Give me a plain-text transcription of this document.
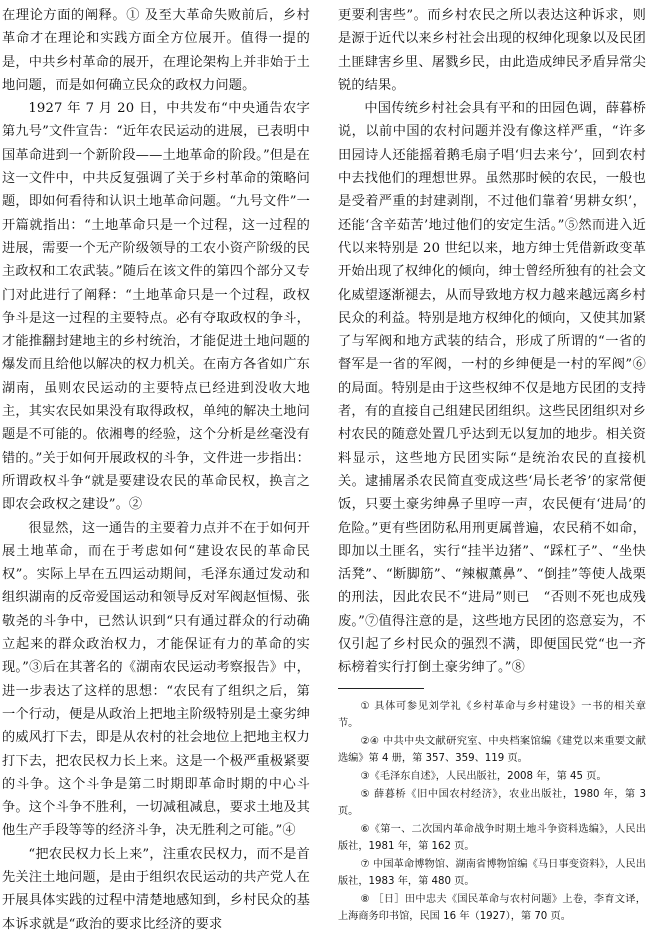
在理论方面的阐释。① 及至大革命失败前后，乡村革命才在理论和实践方面全方位展开。值得一提的是，中共乡村革命的展开，在理论架构上并非始于土地问题，而是如何确立民众的政权力问题。

1927 年 7 月 20 日，中共发布“中央通告农字第九号”文件宣告：“近年农民运动的进展，已表明中国革命进到一个新阶段——土地革命的阶段。”但是在这一文件中，中共反复强调了关于乡村革命的策略问题，即如何看待和认识土地革命问题。“九号文件”一开篇就指出：“土地革命只是一个过程，这一过程的进展，需要一个无产阶级领导的工农小资产阶级的民主政权和工农武装。”随后在该文件的第四个部分又专门对此进行了阐释：“土地革命只是一个过程，政权争斗是这一过程的主要特点。必有夺取政权的争斗，才能推翻封建地主的乡村统治，才能促进土地问题的爆发而且给他以解决的权力机关。在南方各省如广东湖南，虽则农民运动的主要特点已经进到没收大地主，其实农民如果没有取得政权，单纯的解决土地问题是不可能的。依湘粤的经验，这个分析是丝毫没有错的。”关于如何开展政权的斗争，文件进一步指出：所谓政权斗争“就是要建设农民的革命民权，换言之即农会政权之建设”。②

很显然，这一通告的主要着力点并不在于如何开展土地革命，而在于考虑如何“建设农民的革命民权”。实际上早在五四运动期间，毛泽东通过发动和组织湖南的反帝爱国运动和领导反对军阀赵恒惕、张敬尧的斗争中，已然认识到“只有通过群众的行动确立起来的群众政治权力，才能保证有力的革命的实现。”③后在其著名的《湖南农民运动考察报告》中，进一步表达了这样的思想：“农民有了组织之后，第一个行动，便是从政治上把地主阶级特别是土豪劣绅的威风打下去，即是从农村的社会地位上把地主权力打下去，把农民权力长上来。这是一个极严重极紧要的斗争。这个斗争是第二时期即革命时期的中心斗争。这个斗争不胜利，一切减租减息，要求土地及其他生产手段等等的经济斗争，决无胜利之可能。”④

“把农民权力长上来”，注重农民权力，而不是首先关注土地问题，是由于组织农民运动的共产党人在开展具体实践的过程中清楚地感知到，乡村民众的基本诉求就是“政治的要求比经济的要求

更要利害些”。而乡村农民之所以表达这种诉求，则是源于近代以来乡村社会出现的权绅化现象以及民团土匪肆害乡里、屠戮乡民，由此造成绅民矛盾异常尖锐的结果。

中国传统乡村社会具有平和的田园色调，薛暮桥说，以前中国的农村问题并没有像这样严重，“许多田园诗人还能摇着鹅毛扇子唱‘归去来兮’，回到农村中去找他们的理想世界。虽然那时候的农民，一般也是受着严重的封建剥削，不过他们靠着‘男耕女织’，还能‘含辛茹苦’地过他们的安定生活。”⑤然而进入近代以来特别是 20 世纪以来，地方绅士凭借新政变革开始出现了权绅化的倾向，绅士曾经所独有的社会文化威望逐渐褪去，从而导致地方权力越来越远离乡村民众的利益。特别是地方权绅化的倾向，又使其加紧了与军阀和地方武装的结合，形成了所谓的“一省的督军是一省的军阀，一村的乡绅便是一村的军阀”⑥的局面。特别是由于这些权绅不仅是地方民团的支持者，有的直接自己组建民团组织。这些民团组织对乡村农民的随意处置几乎达到无以复加的地步。相关资料显示，这些地方民团实际“是统治农民的直接机关。逮捕屠杀农民简直变成这些‘局长老爷’的家常便饭，只要土豪劣绅鼻子里哼一声，农民便有‘进局’的危险。”更有些团防私用刑更属普遍，农民稍不如命，即加以土匪名，实行“挂半边猪”、“踩杠子”、“坐快活凳”、“断脚筋”、“辣椒薰鼻”、“倒挂”等使人战栗的刑法，因此农民不“进局”则已　“否则不死也成残废。”⑦值得注意的是，这些地方民团的恣意妄为，不仅引起了乡村民众的强烈不满，即便国民党“也一齐标榜着实行打倒土豪劣绅了。”⑧

① 具体可参见刘学礼《乡村革命与乡村建设》一书的相关章节。

②④ 中共中央文献研究室、中央档案馆编《建党以来重要文献选编》第 4 册，第 357、359、119 页。

③《毛泽东自述》，人民出版社，2008 年，第 45 页。

⑤ 薛暮桥《旧中国农村经济》，农业出版社，1980 年，第 3 页。

⑥《第一、二次国内革命战争时期土地斗争资料选编》，人民出版社，1981 年，第 162 页。

⑦ 中国革命博物馆、湖南省博物馆编《马日事变资料》，人民出版社，1983 年，第 480 页。

⑧ ［日］田中忠夫《国民革命与农村问题》上卷，李育文译，上海商务印书馆，民国 16 年（1927），第 70 页。
